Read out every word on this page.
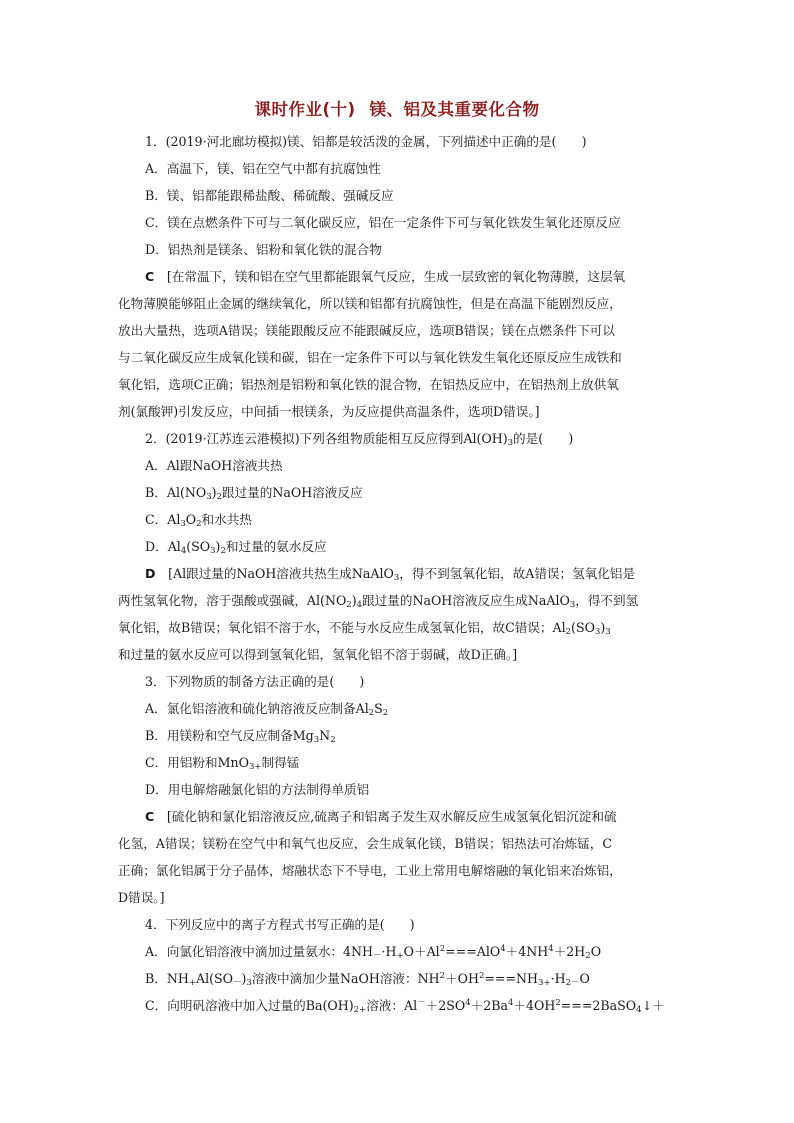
课时作业(十) 镁、铝及其重要化合物
1．(2019·河北廊坊模拟)镁、铝都是较活泼的金属，下列描述中正确的是(　　)
A．高温下，镁、铝在空气中都有抗腐蚀性
B．镁、铝都能跟稀盐酸、稀硫酸、强碱反应
C．镁在点燃条件下可与二氧化碳反应，铝在一定条件下可与氧化铁发生氧化还原反应
D．铝热剂是镁条、铝粉和氧化铁的混合物
C　 [在常温下，镁和铝在空气里都能跟氧气反应，生成一层致密的氧化物薄膜，这层氧
化物薄膜能够阻止金属的继续氧化，所以镁和铝都有抗腐蚀性，但是在高温下能剧烈反应，
放出大量热，选项A错误；镁能跟酸反应不能跟碱反应，选项B错误；镁在点燃条件下可以
与二氧化碳反应生成氧化镁和碳，铝在一定条件下可以与氧化铁发生氧化还原反应生成铁和
氧化铝，选项C正确；铝热剂是铝粉和氧化铁的混合物，在铝热反应中，在铝热剂上放供氧
剂(氯酸钾)引发反应，中间插一根镁条，为反应提供高温条件，选项D错误。]
2．(2019·江苏连云港模拟)下列各组物质能相互反应得到$Al(OH)_3$的是(　　)
A．Al跟NaOH溶液共热
B．$Al(NO_3)_2$跟过量的NaOH溶液反应
C．$Al_3O_2$和水共热
D．$Al_4(SO_3)_2$和过量的氨水反应
D　 [Al跟过量的NaOH溶液共热生成NaAlO$_3$，得不到氢氧化铝，故A错误；氢氧化铝是
两性氢氧化物，溶于强酸或强碱，$Al(NO_2)_4$跟过量的NaOH溶液反应生成NaAlO$_3$，得不到氢
氧化铝，故B错误；氧化铝不溶于水，不能与水反应生成氢氧化铝，故C错误；$Al_2(SO_3)_3$
和过量的氨水反应可以得到氢氧化铝，氢氧化铝不溶于弱碱，故D正确。]
3．下列物质的制备方法正确的是(　　)
A．氯化铝溶液和硫化钠溶液反应制备$Al_2S_2$
B．用镁粉和空气反应制备$Mg_3N_2$
C．用铝粉和MnO$_{3+}$制得锰
D．用电解熔融氯化铝的方法制得单质铝
C　 [硫化钠和氯化铝溶液反应,硫离子和铝离子发生双水解反应生成氢氧化铝沉淀和硫
化氢，A错误；镁粉在空气中和氧气也反应，会生成氧化镁，B错误；铝热法可冶炼锰，C
正确；氯化铝属于分子晶体，熔融状态下不导电，工业上常用电解熔融的氧化铝来冶炼铝，
D错误。]
4．下列反应中的离子方程式书写正确的是(　　)
A．向氯化铝溶液中滴加过量氨水：$4NH_-\cdot H_+O+Al^2===AlO^4+4NH^4+2H_2O$
B．$NH_+Al(SO_-)_3$溶液中滴加少量NaOH溶液：$NH^2+OH^2===NH_{3+}\cdot H_{2-}O$
C．向明矾溶液中加入过量的$Ba(OH)_{2+}$溶液：$Al^-+2SO^4+2Ba^4+4OH^2===2BaSO_4↓+$
